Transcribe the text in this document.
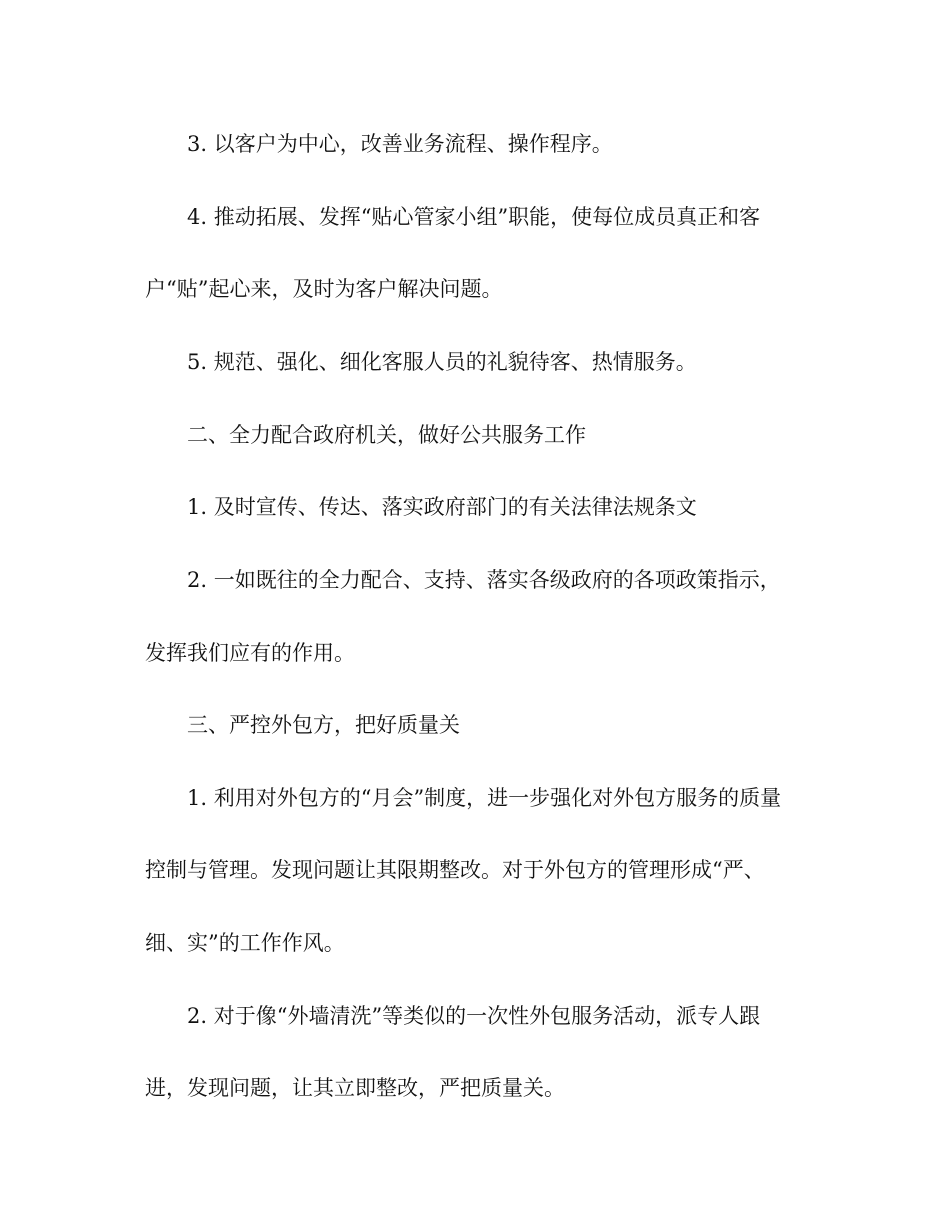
3. 以客户为中心，改善业务流程、操作程序。
4. 推动拓展、发挥“贴心管家小组”职能，使每位成员真正和客
户“贴”起心来，及时为客户解决问题。
5. 规范、强化、细化客服人员的礼貌待客、热情服务。
二、全力配合政府机关，做好公共服务工作
1. 及时宣传、传达、落实政府部门的有关法律法规条文
2. 一如既往的全力配合、支持、落实各级政府的各项政策指示，
发挥我们应有的作用。
三、严控外包方，把好质量关
1. 利用对外包方的“月会”制度，进一步强化对外包方服务的质量
控制与管理。发现问题让其限期整改。对于外包方的管理形成“严、
细、实”的工作作风。
2. 对于像“外墙清洗”等类似的一次性外包服务活动，派专人跟
进，发现问题，让其立即整改，严把质量关。
